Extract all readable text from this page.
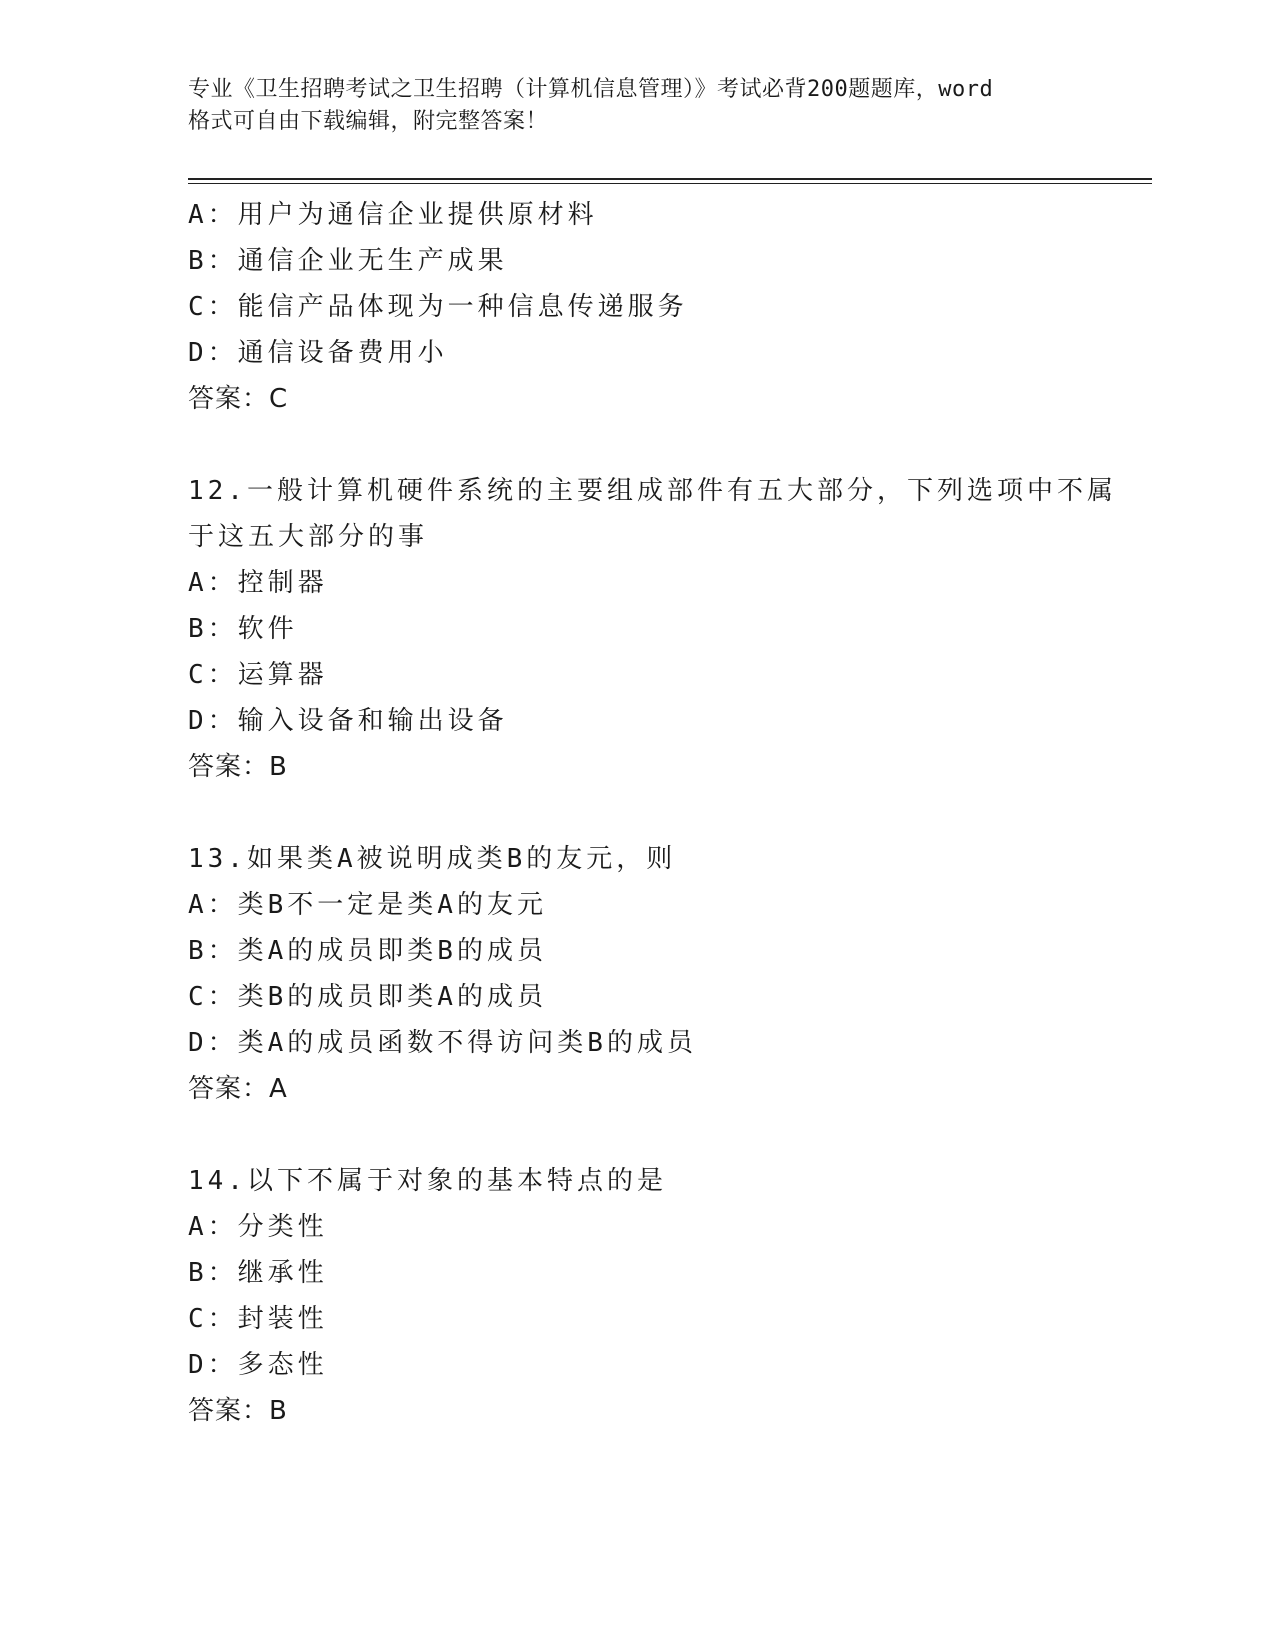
专业《卫生招聘考试之卫生招聘（计算机信息管理）》考试必背200题题库，word
格式可自由下载编辑，附完整答案！
A：用户为通信企业提供原材料
B：通信企业无生产成果
C：能信产品体现为一种信息传递服务
D：通信设备费用小
答案：C
12.一般计算机硬件系统的主要组成部件有五大部分，下列选项中不属
于这五大部分的事
A：控制器
B：软件
C：运算器
D：输入设备和输出设备
答案：B
13.如果类A被说明成类B的友元，则
A：类B不一定是类A的友元
B：类A的成员即类B的成员
C：类B的成员即类A的成员
D：类A的成员函数不得访问类B的成员
答案：A
14.以下不属于对象的基本特点的是
A：分类性
B：继承性
C：封装性
D：多态性
答案：B
